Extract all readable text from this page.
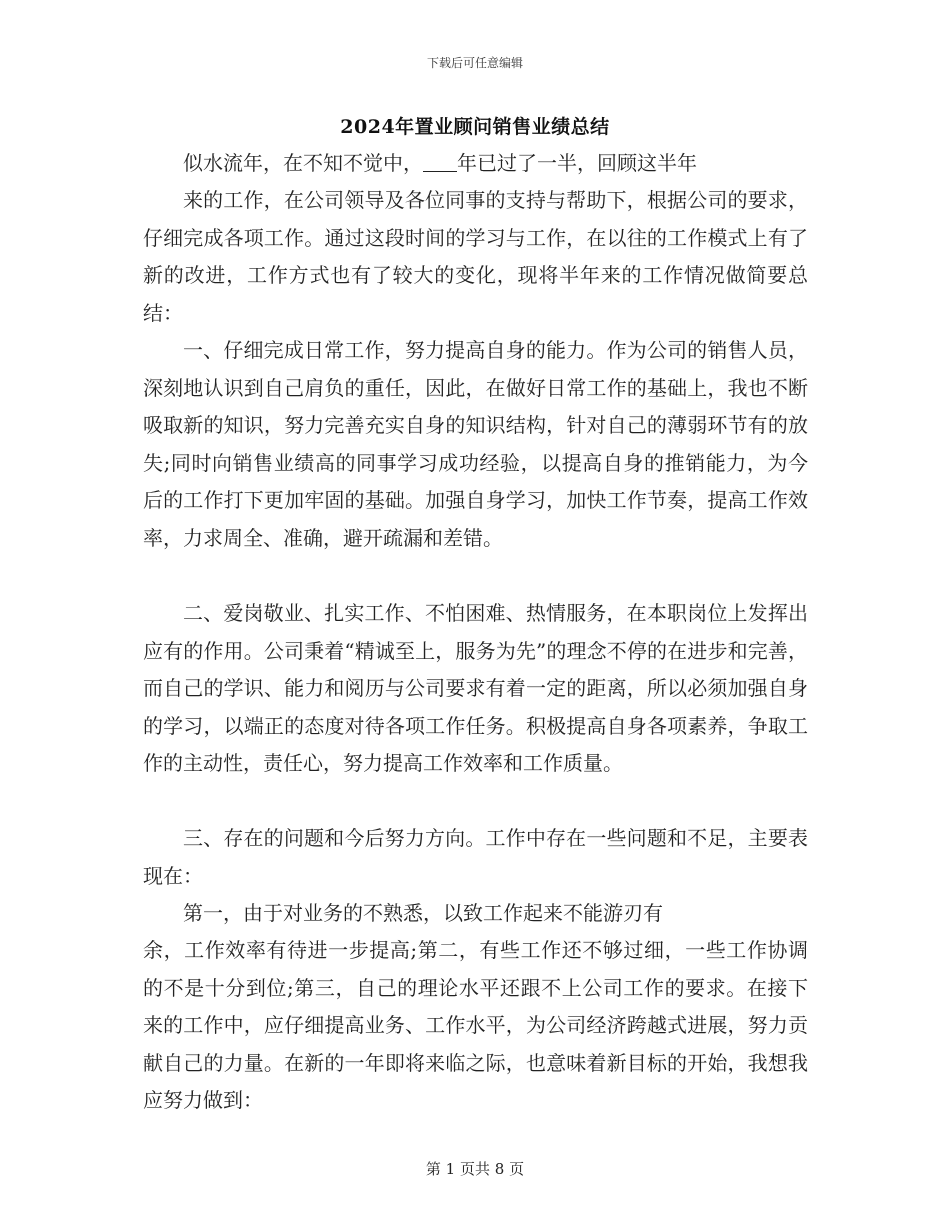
下载后可任意编辑
2024年置业顾问销售业绩总结
似水流年，在不知不觉中， 年已过了一半，回顾这半年
来的工作，在公司领导及各位同事的支持与帮助下，根据公司的要求，仔细完成各项工作。通过这段时间的学习与工作，在以往的工作模式上有了新的改进，工作方式也有了较大的变化，现将半年来的工作情况做简要总结：
一、仔细完成日常工作，努力提高自身的能力。作为公司的销售人员，深刻地认识到自己肩负的重任，因此，在做好日常工作的基础上，我也不断吸取新的知识，努力完善充实自身的知识结构，针对自己的薄弱环节有的放失;同时向销售业绩高的同事学习成功经验，以提高自身的推销能力，为今后的工作打下更加牢固的基础。加强自身学习，加快工作节奏，提高工作效率，力求周全、准确，避开疏漏和差错。
二、爱岗敬业、扎实工作、不怕困难、热情服务，在本职岗位上发挥出应有的作用。公司秉着“精诚至上，服务为先”的理念不停的在进步和完善，而自己的学识、能力和阅历与公司要求有着一定的距离，所以必须加强自身的学习，以端正的态度对待各项工作任务。积极提高自身各项素养，争取工作的主动性，责任心，努力提高工作效率和工作质量。
三、存在的问题和今后努力方向。工作中存在一些问题和不足，主要表现在：
第一，由于对业务的不熟悉，以致工作起来不能游刃有
余，工作效率有待进一步提高;第二，有些工作还不够过细，一些工作协调的不是十分到位;第三，自己的理论水平还跟不上公司工作的要求。在接下来的工作中，应仔细提高业务、工作水平，为公司经济跨越式进展，努力贡献自己的力量。在新的一年即将来临之际，也意味着新目标的开始，我想我应努力做到：
第 1 页共 8 页
